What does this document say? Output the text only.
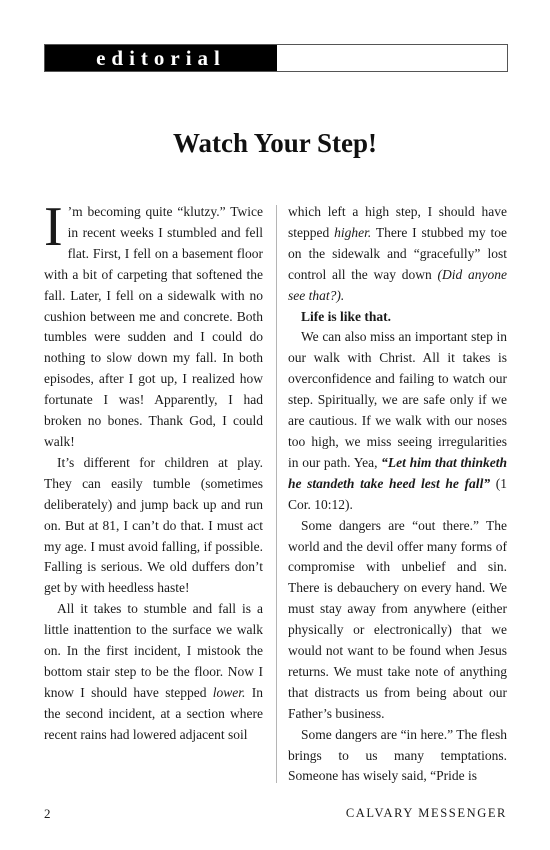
editorial
Watch Your Step!

I ’m becoming quite “klutzy.” Twice in recent weeks I stumbled and fell flat. First, I fell on a basement floor with a bit of carpeting that softened the fall. Later, I fell on a sidewalk with no cushion between me and concrete. Both tumbles were sudden and I could do nothing to slow down my fall. In both episodes, after I got up, I realized how fortunate I was! Apparently, I had broken no bones. Thank God, I could walk!

It’s different for children at play. They can easily tumble (sometimes deliberately) and jump back up and run on. But at 81, I can’t do that. I must act my age. I must avoid falling, if possible. Falling is serious. We old duffers don’t get by with heedless haste!

All it takes to stumble and fall is a little inattention to the surface we walk on. In the first incident, I mistook the bottom stair step to be the floor. Now I know I should have stepped lower. In the second incident, at a section where recent rains had lowered adjacent soil

which left a high step, I should have stepped higher. There I stubbed my toe on the sidewalk and “gracefully” lost control all the way down (Did anyone see that?).

Life is like that.

We can also miss an important step in our walk with Christ. All it takes is overconfidence and failing to watch our step. Spiritually, we are safe only if we are cautious. If we walk with our noses too high, we miss seeing irregularities in our path. Yea, “Let him that thinketh he standeth take heed lest he fall” (1 Cor. 10:12).

Some dangers are “out there.” The world and the devil offer many forms of compromise with unbelief and sin. There is debauchery on every hand. We must stay away from anywhere (either physically or electronically) that we would not want to be found when Jesus returns. We must take note of anything that distracts us from being about our Father’s business.

Some dangers are “in here.” The flesh brings to us many temptations. Someone has wisely said, “Pride is

2	CALVARY MESSENGER
